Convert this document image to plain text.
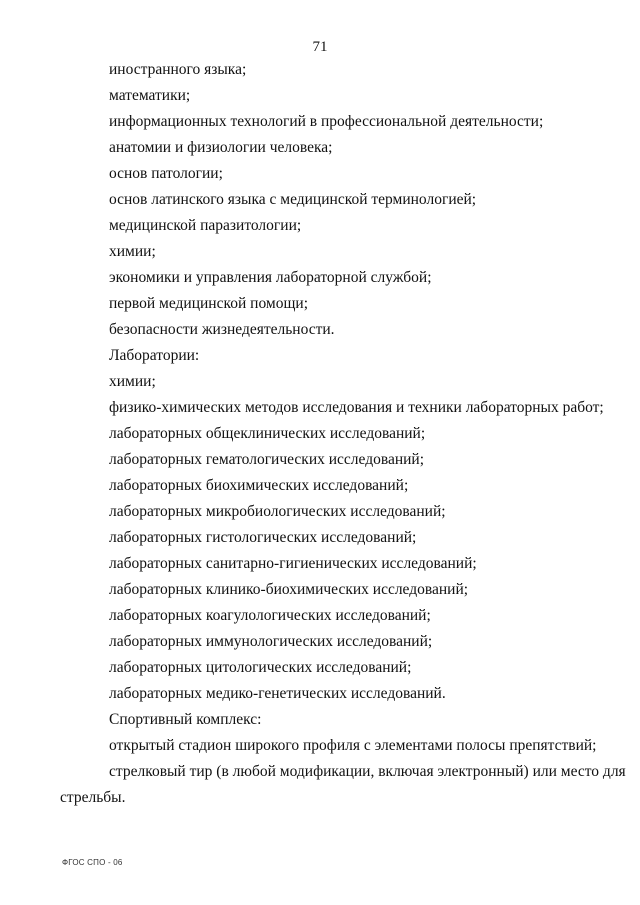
71
иностранного языка;
математики;
информационных технологий в профессиональной деятельности;
анатомии и физиологии человека;
основ патологии;
основ латинского языка с медицинской терминологией;
медицинской паразитологии;
химии;
экономики и управления лабораторной службой;
первой медицинской помощи;
безопасности жизнедеятельности.
Лаборатории:
химии;
физико-химических методов исследования и техники лабораторных работ;
лабораторных общеклинических исследований;
лабораторных гематологических исследований;
лабораторных биохимических исследований;
лабораторных микробиологических исследований;
лабораторных гистологических исследований;
лабораторных санитарно-гигиенических исследований;
лабораторных клинико-биохимических исследований;
лабораторных коагулологических исследований;
лабораторных иммунологических исследований;
лабораторных цитологических исследований;
лабораторных медико-генетических исследований.
Спортивный комплекс:
открытый стадион широкого профиля с элементами полосы препятствий;
стрелковый тир (в любой модификации, включая электронный) или место для
стрельбы.
ФГОС СПО - 06
